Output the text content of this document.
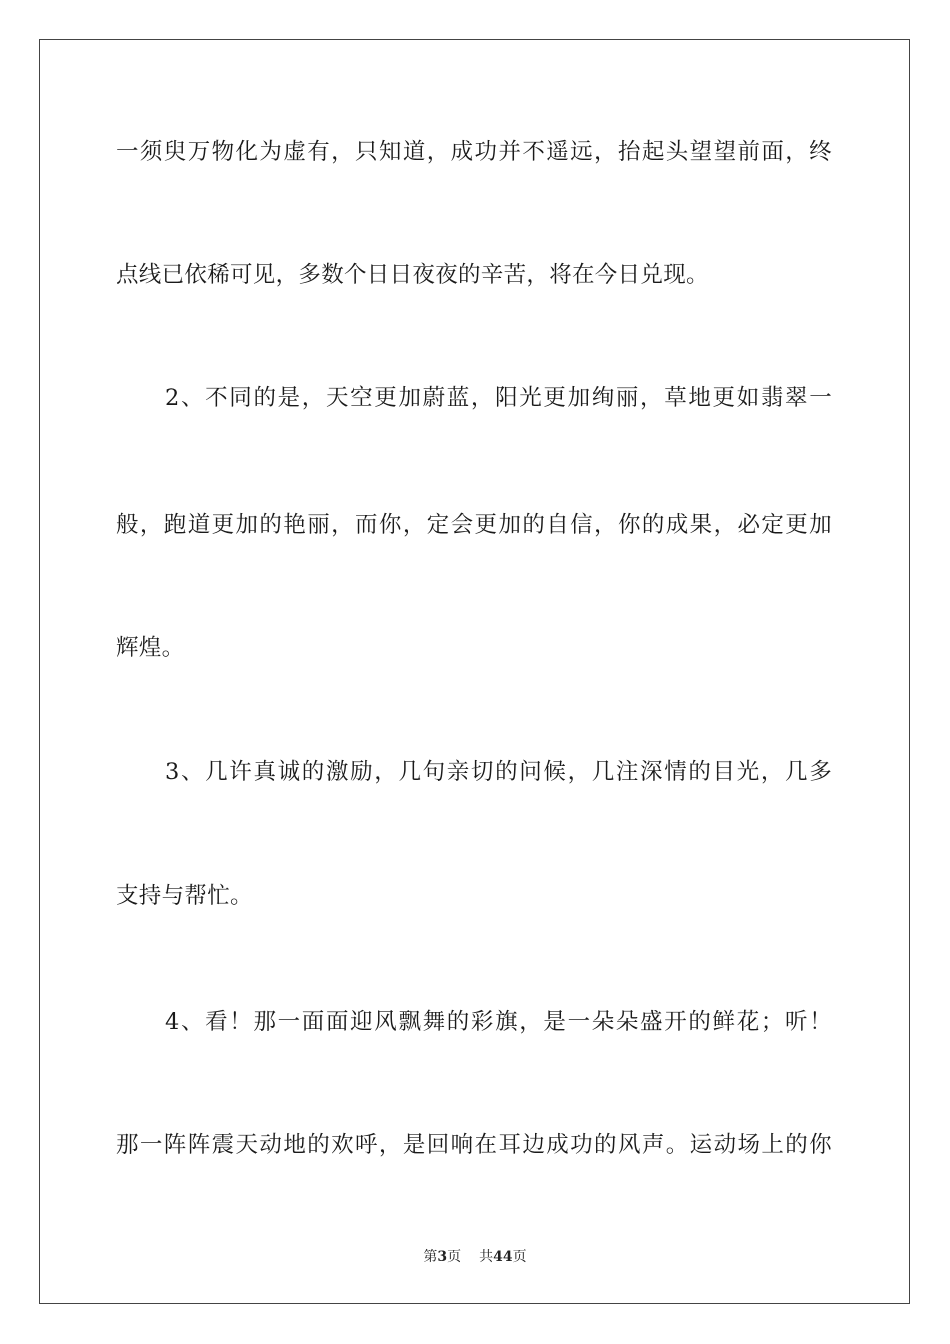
一须臾万物化为虚有，只知道，成功并不遥远，抬起头望望前面，终
点线已依稀可见，多数个日日夜夜的辛苦，将在今日兑现。
2、不同的是，天空更加蔚蓝，阳光更加绚丽，草地更如翡翠一
般，跑道更加的艳丽，而你，定会更加的自信，你的成果，必定更加
辉煌。
3、几许真诚的激励，几句亲切的问候，几注深情的目光，几多
支持与帮忙。
4、看！那一面面迎风飘舞的彩旗，是一朵朵盛开的鲜花；听！
那一阵阵震天动地的欢呼，是回响在耳边成功的风声。运动场上的你
第3页 共44页
